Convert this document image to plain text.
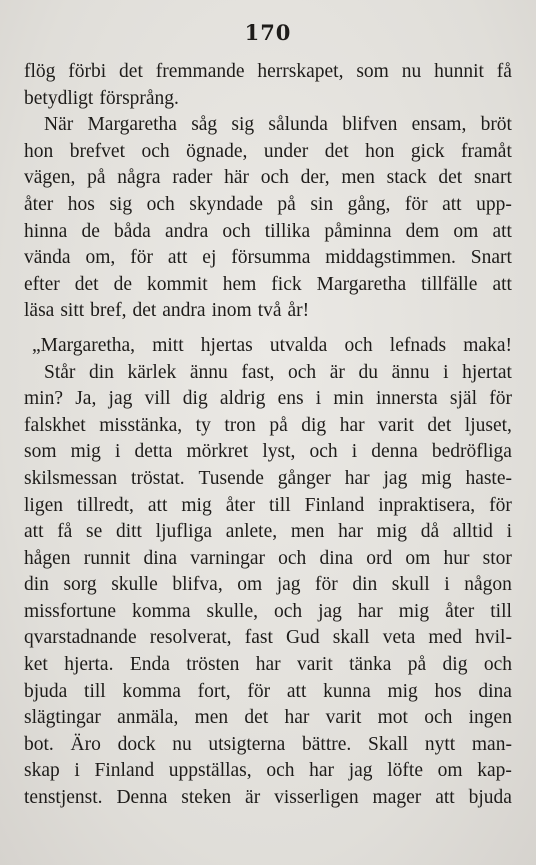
170
flög förbi det fremmande herrskapet, som nu hunnit få
betydligt försprång.
När Margaretha såg sig sålunda blifven ensam, bröt
hon brefvet och ögnade, under det hon gick framåt
vägen, på några rader här och der, men stack det snart
åter hos sig och skyndade på sin gång, för att upp-
hinna de båda andra och tillika påminna dem om att
vända om, för att ej försumma middagstimmen. Snart
efter det de kommit hem fick Margaretha tillfälle att
läsa sitt bref, det andra inom två år!
„Margaretha, mitt hjertas utvalda och lefnads maka!
Står din kärlek ännu fast, och är du ännu i hjertat
min? Ja, jag vill dig aldrig ens i min innersta själ för
falskhet misstänka, ty tron på dig har varit det ljuset,
som mig i detta mörkret lyst, och i denna bedröfliga
skilsmessan tröstat. Tusende gånger har jag mig haste-
ligen tillredt, att mig åter till Finland inpraktisera, för
att få se ditt ljufliga anlete, men har mig då alltid i
hågen runnit dina varningar och dina ord om hur stor
din sorg skulle blifva, om jag för din skull i någon
missfortune komma skulle, och jag har mig åter till
qvarstadnande resolverat, fast Gud skall veta med hvil-
ket hjerta. Enda trösten har varit tänka på dig och
bjuda till komma fort, för att kunna mig hos dina
slägtingar anmäla, men det har varit mot och ingen
bot. Äro dock nu utsigterna bättre. Skall nytt man-
skap i Finland uppställas, och har jag löfte om kap-
tenstjenst. Denna steken är visserligen mager att bjuda
